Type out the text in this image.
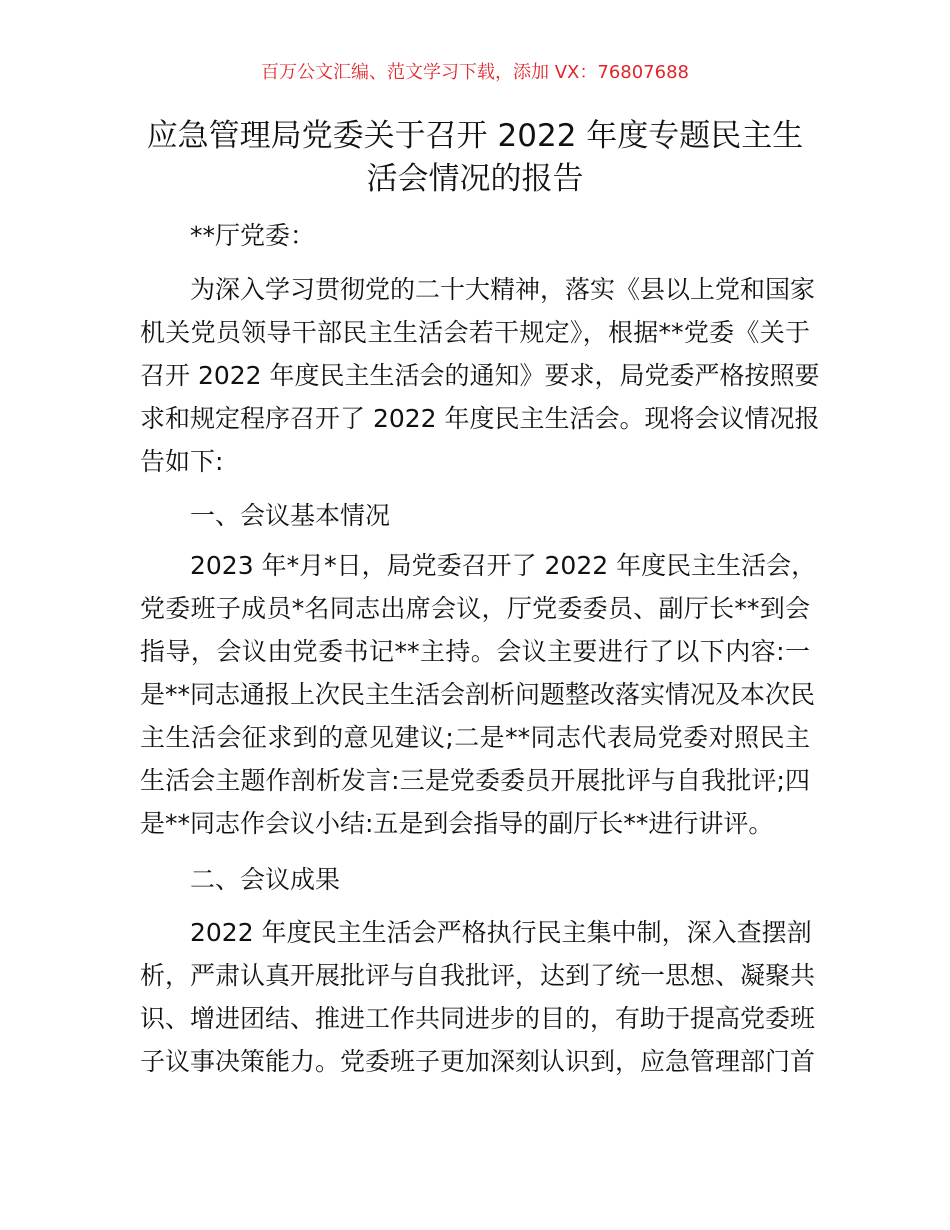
百万公文汇编、范文学习下载，添加 VX：76807688
应急管理局党委关于召开 2022 年度专题民主生
活会情况的报告
**厅党委：
为深入学习贯彻党的二十大精神，落实《县以上党和国家
机关党员领导干部民主生活会若干规定》，根据**党委《关于
召开 2022 年度民主生活会的通知》要求，局党委严格按照要
求和规定程序召开了 2022 年度民主生活会。现将会议情况报
告如下:
一、会议基本情况
2023 年*月*日，局党委召开了 2022 年度民主生活会，
党委班子成员*名同志出席会议，厅党委委员、副厅长**到会
指导，会议由党委书记**主持。会议主要进行了以下内容:一
是**同志通报上次民主生活会剖析问题整改落实情况及本次民
主生活会征求到的意见建议;二是**同志代表局党委对照民主
生活会主题作剖析发言:三是党委委员开展批评与自我批评;四
是**同志作会议小结:五是到会指导的副厅长**进行讲评。
二、会议成果
2022 年度民主生活会严格执行民主集中制，深入查摆剖
析，严肃认真开展批评与自我批评，达到了统一思想、凝聚共
识、增进团结、推进工作共同进步的目的，有助于提高党委班
子议事决策能力。党委班子更加深刻认识到，应急管理部门首
